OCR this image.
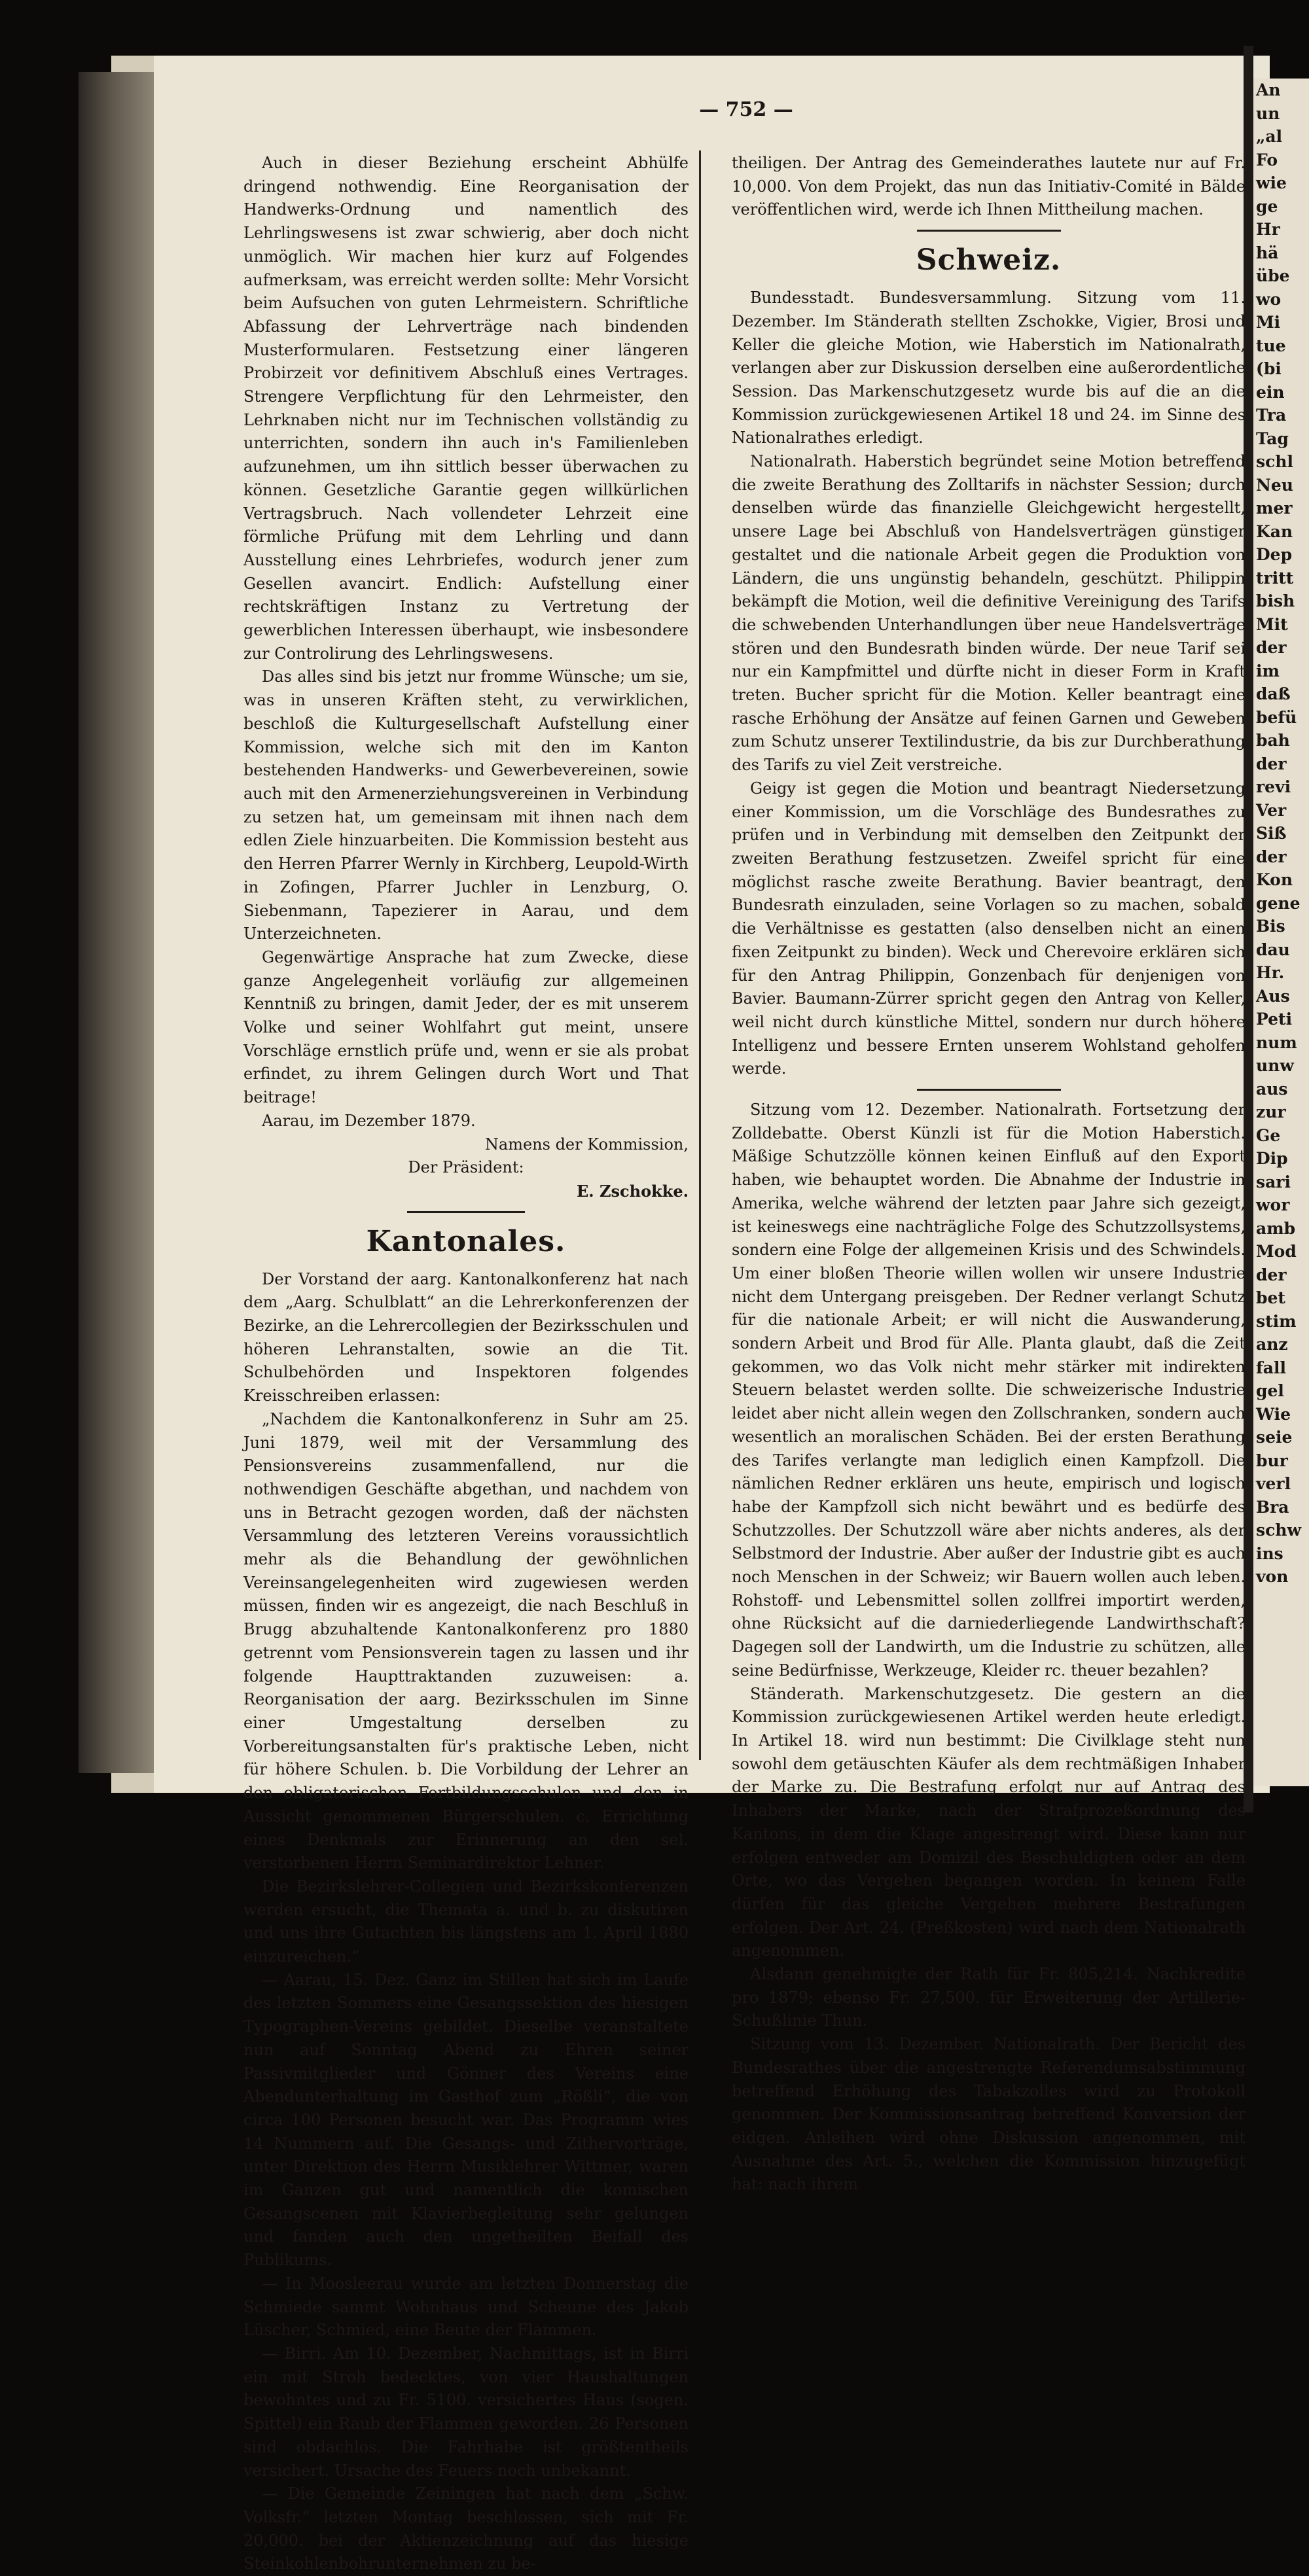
An
un
„al
Fo
wie
ge
Hr
hä
übe
wo
Mi
tue
(bi
ein
Tra
Tag
schl
Neu
mer
Kan
Dep
tritt
bish
Mit
der
im
daß
befü
bah
der
revi
Ver
Siß
der
Kon
gene
Bis
dau
Hr.
Aus
Peti
num
unw
aus
zur
Ge
Dip
sari
wor
amb
Mod
der
bet
stim
anz
fall
gel
Wie
seie
bur
verl
Bra
schw
ins
von
— 752 —

Auch in dieser Beziehung erscheint Abhülfe dringend nothwendig. Eine Reorganisation der Handwerks-Ordnung und namentlich des Lehrlingswesens ist zwar schwierig, aber doch nicht unmöglich. Wir machen hier kurz auf Folgendes aufmerksam, was erreicht werden sollte: Mehr Vorsicht beim Aufsuchen von guten Lehrmeistern. Schriftliche Abfassung der Lehrverträge nach bindenden Musterformularen. Festsetzung einer längeren Probirzeit vor definitivem Abschluß eines Vertrages. Strengere Verpflichtung für den Lehrmeister, den Lehrknaben nicht nur im Technischen vollständig zu unterrichten, sondern ihn auch in's Familienleben aufzunehmen, um ihn sittlich besser überwachen zu können. Gesetzliche Garantie gegen willkürlichen Vertragsbruch. Nach vollendeter Lehrzeit eine förmliche Prüfung mit dem Lehrling und dann Ausstellung eines Lehrbriefes, wodurch jener zum Gesellen avancirt. Endlich: Aufstellung einer rechtskräftigen Instanz zu Vertretung der gewerblichen Interessen überhaupt, wie insbesondere zur Controlirung des Lehrlingswesens.

Das alles sind bis jetzt nur fromme Wünsche; um sie, was in unseren Kräften steht, zu verwirklichen, beschloß die Kulturgesellschaft Aufstellung einer Kommission, welche sich mit den im Kanton bestehenden Handwerks- und Gewerbevereinen, sowie auch mit den Armenerziehungsvereinen in Verbindung zu setzen hat, um gemeinsam mit ihnen nach dem edlen Ziele hinzuarbeiten. Die Kommission besteht aus den Herren Pfarrer Wernly in Kirchberg, Leupold-Wirth in Zofingen, Pfarrer Juchler in Lenzburg, O. Siebenmann, Tapezierer in Aarau, und dem Unterzeichneten.

Gegenwärtige Ansprache hat zum Zwecke, diese ganze Angelegenheit vorläufig zur allgemeinen Kenntniß zu bringen, damit Jeder, der es mit unserem Volke und seiner Wohlfahrt gut meint, unsere Vorschläge ernstlich prüfe und, wenn er sie als probat erfindet, zu ihrem Gelingen durch Wort und That beitrage!

Aarau, im Dezember 1879.

Namens der Kommission,

Der Präsident:

E. Zschokke.

Kantonales.

Der Vorstand der aarg. Kantonalkonferenz hat nach dem „Aarg. Schulblatt“ an die Lehrerkonferenzen der Bezirke, an die Lehrercollegien der Bezirksschulen und höheren Lehranstalten, sowie an die Tit. Schulbehörden und Inspektoren folgendes Kreisschreiben erlassen:

„Nachdem die Kantonalkonferenz in Suhr am 25. Juni 1879, weil mit der Versammlung des Pensionsvereins zusammenfallend, nur die nothwendigen Geschäfte abgethan, und nachdem von uns in Betracht gezogen worden, daß der nächsten Versammlung des letzteren Vereins voraussichtlich mehr als die Behandlung der gewöhnlichen Vereinsangelegenheiten wird zugewiesen werden müssen, finden wir es angezeigt, die nach Beschluß in Brugg abzuhaltende Kantonalkonferenz pro 1880 getrennt vom Pensionsverein tagen zu lassen und ihr folgende Haupttraktanden zuzuweisen: a. Reorganisation der aarg. Bezirksschulen im Sinne einer Umgestaltung derselben zu Vorbereitungsanstalten für's praktische Leben, nicht für höhere Schulen. b. Die Vorbildung der Lehrer an den obligatorischen Fortbildungsschulen und den in Aussicht genommenen Bürgerschulen. c. Errichtung eines Denkmals zur Erinnerung an den sel. verstorbenen Herrn Seminardirektor Lehner.

Die Bezirkslehrer-Collegien und Bezirkskonferenzen werden ersucht, die Themata a. und b. zu diskutiren und uns ihre Gutachten bis längstens am 1. April 1880 einzureichen.“

— Aarau, 15. Dez. Ganz im Stillen hat sich im Laufe des letzten Sommers eine Gesangssektion des hiesigen Typographen-Vereins gebildet. Dieselbe veranstaltete nun auf Sonntag Abend zu Ehren seiner Passivmitglieder und Gönner des Vereins eine Abendunterhaltung im Gasthof zum „Rößli“, die von circa 100 Personen besucht war. Das Programm wies 14 Nummern auf. Die Gesangs- und Zithervorträge, unter Direktion des Herrn Musiklehrer Wittmer, waren im Ganzen gut und namentlich die komischen Gesangscenen mit Klavierbegleitung sehr gelungen und fanden auch den ungetheilten Beifall des Publikums.

— In Moosleerau wurde am letzten Donnerstag die Schmiede sammt Wohnhaus und Scheune des Jakob Lüscher, Schmied, eine Beute der Flammen.

— Birri. Am 10. Dezember, Nachmittags, ist in Birri ein mit Stroh bedecktes, von vier Haushaltungen bewohntes und zu Fr. 5100. versichertes Haus (sogen. Spittel) ein Raub der Flammen geworden. 26 Personen sind obdachlos. Die Fahrhabe ist größtentheils versichert. Ursache des Feuers noch unbekannt.

— Die Gemeinde Zeiningen hat nach dem „Schw. Volksfr.“ letzten Montag beschlossen, sich mit Fr. 20,000. bei der Aktienzeichnung auf das hiesige Steinkohlenbohrunternehmen zu be-

theiligen. Der Antrag des Gemeinderathes lautete nur auf Fr. 10,000. Von dem Projekt, das nun das Initiativ-Comité in Bälde veröffentlichen wird, werde ich Ihnen Mittheilung machen.

Schweiz.

Bundesstadt. Bundesversammlung. Sitzung vom 11. Dezember. Im Ständerath stellten Zschokke, Vigier, Brosi und Keller die gleiche Motion, wie Haberstich im Nationalrath, verlangen aber zur Diskussion derselben eine außerordentliche Session. Das Markenschutzgesetz wurde bis auf die an die Kommission zurückgewiesenen Artikel 18 und 24. im Sinne des Nationalrathes erledigt.

Nationalrath. Haberstich begründet seine Motion betreffend die zweite Berathung des Zolltarifs in nächster Session; durch denselben würde das finanzielle Gleichgewicht hergestellt, unsere Lage bei Abschluß von Handelsverträgen günstiger gestaltet und die nationale Arbeit gegen die Produktion von Ländern, die uns ungünstig behandeln, geschützt. Philippin bekämpft die Motion, weil die definitive Vereinigung des Tarifs die schwebenden Unterhandlungen über neue Handelsverträge stören und den Bundesrath binden würde. Der neue Tarif sei nur ein Kampfmittel und dürfte nicht in dieser Form in Kraft treten. Bucher spricht für die Motion. Keller beantragt eine rasche Erhöhung der Ansätze auf feinen Garnen und Geweben zum Schutz unserer Textilindustrie, da bis zur Durchberathung des Tarifs zu viel Zeit verstreiche.

Geigy ist gegen die Motion und beantragt Niedersetzung einer Kommission, um die Vorschläge des Bundesrathes zu prüfen und in Verbindung mit demselben den Zeitpunkt der zweiten Berathung festzusetzen. Zweifel spricht für eine möglichst rasche zweite Berathung. Bavier beantragt, den Bundesrath einzuladen, seine Vorlagen so zu machen, sobald die Verhältnisse es gestatten (also denselben nicht an einen fixen Zeitpunkt zu binden). Weck und Cherevoire erklären sich für den Antrag Philippin, Gonzenbach für denjenigen von Bavier. Baumann-Zürrer spricht gegen den Antrag von Keller, weil nicht durch künstliche Mittel, sondern nur durch höhere Intelligenz und bessere Ernten unserem Wohlstand geholfen werde.

Sitzung vom 12. Dezember. Nationalrath. Fortsetzung der Zolldebatte. Oberst Künzli ist für die Motion Haberstich. Mäßige Schutzzölle können keinen Einfluß auf den Export haben, wie behauptet worden. Die Abnahme der Industrie in Amerika, welche während der letzten paar Jahre sich gezeigt, ist keineswegs eine nachträgliche Folge des Schutzzollsystems, sondern eine Folge der allgemeinen Krisis und des Schwindels. Um einer bloßen Theorie willen wollen wir unsere Industrie nicht dem Untergang preisgeben. Der Redner verlangt Schutz für die nationale Arbeit; er will nicht die Auswanderung, sondern Arbeit und Brod für Alle. Planta glaubt, daß die Zeit gekommen, wo das Volk nicht mehr stärker mit indirekten Steuern belastet werden sollte. Die schweizerische Industrie leidet aber nicht allein wegen den Zollschranken, sondern auch wesentlich an moralischen Schäden. Bei der ersten Berathung des Tarifes verlangte man lediglich einen Kampfzoll. Die nämlichen Redner erklären uns heute, empirisch und logisch habe der Kampfzoll sich nicht bewährt und es bedürfe des Schutzzolles. Der Schutzzoll wäre aber nichts anderes, als der Selbstmord der Industrie. Aber außer der Industrie gibt es auch noch Menschen in der Schweiz; wir Bauern wollen auch leben. Rohstoff- und Lebensmittel sollen zollfrei importirt werden, ohne Rücksicht auf die darniederliegende Landwirthschaft? Dagegen soll der Landwirth, um die Industrie zu schützen, alle seine Bedürfnisse, Werkzeuge, Kleider rc. theuer bezahlen?

Ständerath. Markenschutzgesetz. Die gestern an die Kommission zurückgewiesenen Artikel werden heute erledigt. In Artikel 18. wird nun bestimmt: Die Civilklage steht nun sowohl dem getäuschten Käufer als dem rechtmäßigen Inhaber der Marke zu. Die Bestrafung erfolgt nur auf Antrag des Inhabers der Marke, nach der Strafprozeßordnung des Kantons, in dem die Klage angestrengt wird. Diese kann nur erfolgen entweder am Domizil des Beschuldigten oder an dem Orte, wo das Vergehen begangen worden. In keinem Falle dürfen für das gleiche Vergehen mehrere Bestrafungen erfolgen. Der Art. 24. (Preßkosten) wird nach dem Nationalrath angenommen.

Alsdann genehmigte der Rath für Fr. 805,214. Nachkredite pro 1879; ebenso Fr. 27,500. für Erweiterung der Artillerie-Schußlinie Thun.

Sitzung vom 13. Dezember. Nationalrath. Der Bericht des Bundesrathes über die angestrengte Referendumsabstimmung betreffend Erhöhung des Tabakzolles wird zu Protokoll genommen. Der Kommissionsantrag betreffend Konversion der eidgen. Anleihen wird ohne Diskussion angenommen, mit Ausnahme des Art. 5., welchen die Kommission hinzugefügt hat: nach ihrem
